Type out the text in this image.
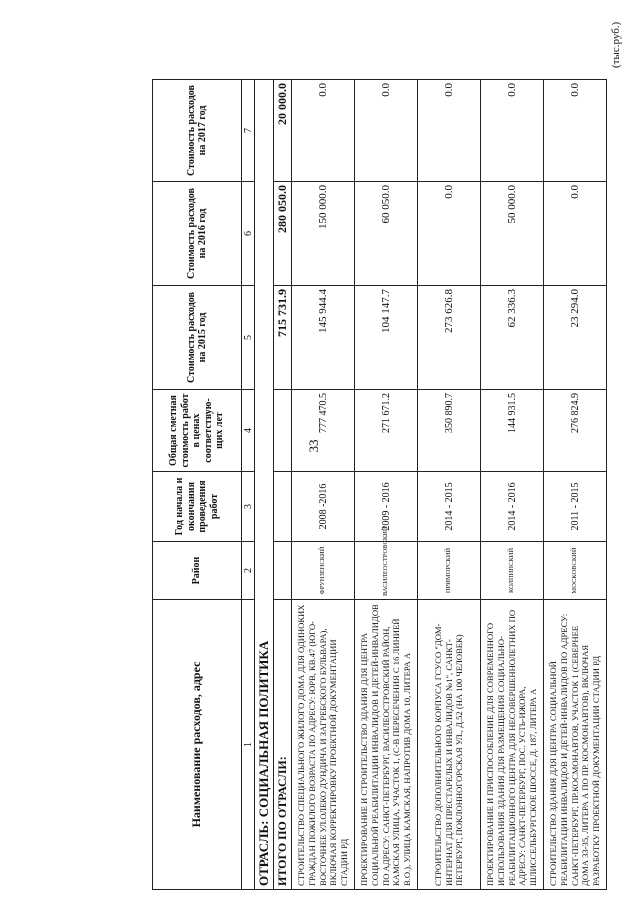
33
(тыс.руб.)
Наименование расходов, адрес	Район	Год начала и окончания проведения работ	Общая сметная стоимость работ в ценах соответствую-щих лет	Стоимость расходов на 2015 год	Стоимость расходов на 2016 год	Стоимость расходов на 2017 год
1	2	3	4	5	6	7
ОТРАСЛЬ: СОЦИАЛЬНАЯ ПОЛИТИКА						
ИТОГО ПО ОТРАСЛИ:				715 731.9	280 050.0	20 000.0
СТРОИТЕЛЬСТВО СПЕЦИАЛЬНОГО ЖИЛОГО ДОМА ДЛЯ ОДИНОКИХ ГРАЖДАН ПОЖИЛОГО ВОЗРАСТА ПО АДРЕСУ: ЮРВ, КВ.47 (ЮГО-ВОСТОЧНЕЕ УЛ.ОЛЕКО ДУНДИЧА И ЗАГРЕБСКОГО БУЛЬВАРА), ВКЛЮЧАЯ КОРРЕКТИРОВКУ ПРОЕКТНОЙ ДОКУМЕНТАЦИИ СТАДИИ РД	ФРУНЗЕНСКИЙ	2008 -2016	777 470.5	145 944.4	150 000.0	0.0
ПРОЕКТИРОВАНИЕ И СТРОИТЕЛЬСТВО ЗДАНИЯ ДЛЯ ЦЕНТРА СОЦИАЛЬНОЙ РЕАБИЛИТАЦИИ ИНВАЛИДОВ И ДЕТЕЙ-ИНВАЛИДОВ ПО АДРЕСУ: САНКТ-ПЕТЕРБУРГ, ВАСИЛЕОСТРОВСКИЙ РАЙОН, КАМСКАЯ УЛИЦА, УЧАСТОК 1, (С-В ПЕРЕСЕЧЕНИЯ С 16 ЛИНИЕЙ В.О.), УЛИЦА КАМСКАЯ, НАПРОТИВ ДОМА 10, ЛИТЕРА А	ВАСИЛЕОСТРОВСКИЙ	2009 - 2016	271 671.2	104 147.7	60 050.0	0.0
СТРОИТЕЛЬСТВО ДОПОЛНИТЕЛЬНОГО КОРПУСА ГСУСО "ДОМ-ИНТЕРНАТ ДЛЯ ПРЕСТАРЕЛЫХ И ИНВАЛИДОВ №1", САНКТ-ПЕТЕРБУРГ, ПОКЛОННОГОРСКАЯ УЛ., Д.52 (НА 100 ЧЕЛОВЕК)	ПРИМОРСКИЙ	2014 - 2015	350 890.7	273 626.8	0.0	0.0
ПРОЕКТИРОВАНИЕ И ПРИСПОСОБЛЕНИЕ ДЛЯ СОВРЕМЕННОГО ИСПОЛЬЗОВАНИЯ ЗДАНИЯ ДЛЯ РАЗМЕЩЕНИЯ СОЦИАЛЬНО-РЕАБИЛИТАЦИОННОГО ЦЕНТРА ДЛЯ НЕСОВЕРШЕННОЛЕТНИХ ПО АДРЕСУ: САНКТ-ПЕТЕРБУРГ, ПОС. УСТЬ-ИЖОРА, ШЛИССЕЛЬБУРГСКОЕ ШОССЕ, Д. 187, ЛИТЕРА А	КОЛПИНСКИЙ	2014 - 2016	144 931.5	62 336.3	50 000.0	0.0
СТРОИТЕЛЬСТВО ЗДАНИЯ ДЛЯ ЦЕНТРА СОЦИАЛЬНОЙ РЕАБИЛИТАЦИИ ИНВАЛИДОВ И ДЕТЕЙ-ИНВАЛИДОВ ПО АДРЕСУ: САНКТ-ПЕТЕРБУРГ, ПР.КОСМОНАВТОВ, УЧАСТОК 1 (СЕВЕРНЕЕ ДОМА 33-35, ЛИТЕРА А ПО ПР. КОСМОНАВТОВ), ВКЛЮЧАЯ РАЗРАБОТКУ ПРОЕКТНОЙ ДОКУМЕНТАЦИИ СТАДИИ РД	МОСКОВСКИЙ	2011 - 2015	276 824.9	23 294.0	0.0	0.0
